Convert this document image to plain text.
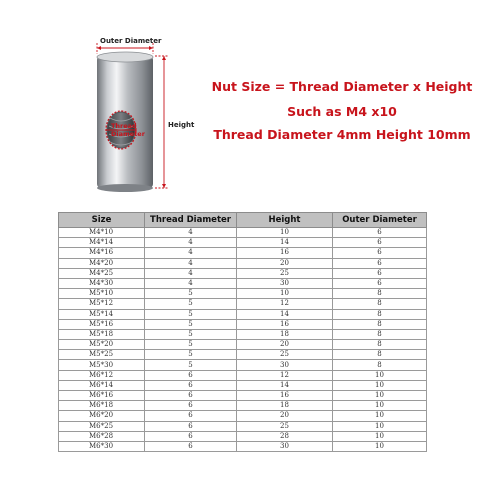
Outer Diameter
Height
Thread
Diameter
Nut Size = Thread Diameter x Height
Such as M4 x10
Thread Diameter 4mm Height 10mm
Size	Thread Diameter	Height	Outer Diameter
M4*10	4	10	6
M4*14	4	14	6
M4*16	4	16	6
M4*20	4	20	6
M4*25	4	25	6
M4*30	4	30	6
M5*10	5	10	8
M5*12	5	12	8
M5*14	5	14	8
M5*16	5	16	8
M5*18	5	18	8
M5*20	5	20	8
M5*25	5	25	8
M5*30	5	30	8
M6*12	6	12	10
M6*14	6	14	10
M6*16	6	16	10
M6*18	6	18	10
M6*20	6	20	10
M6*25	6	25	10
M6*28	6	28	10
M6*30	6	30	10
